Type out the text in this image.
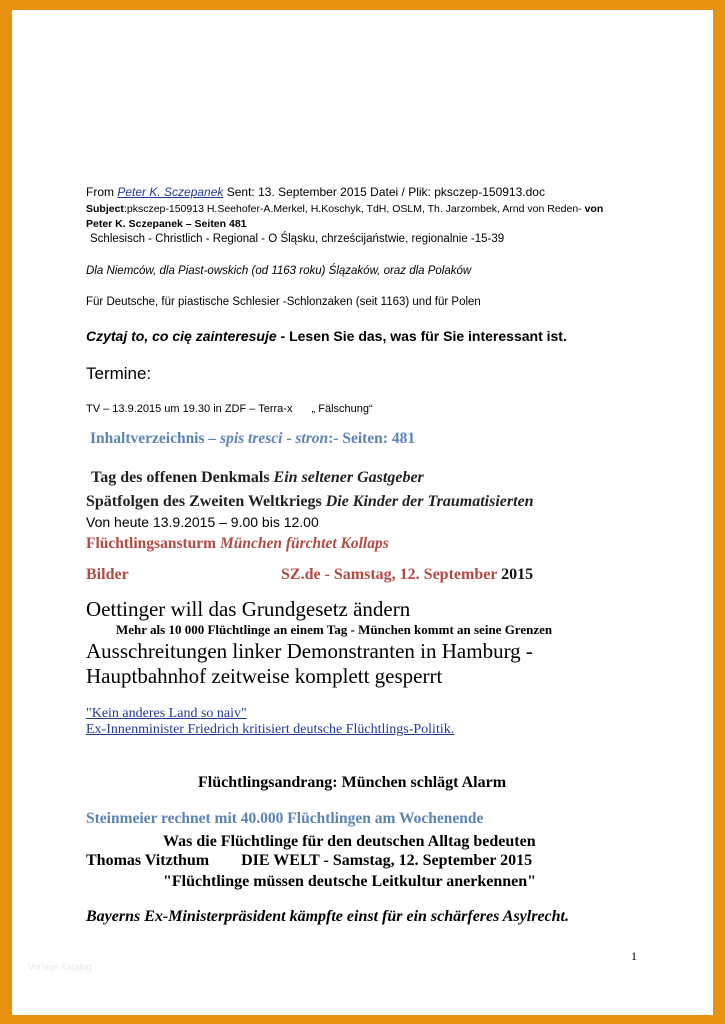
From Peter K. Sczepanek Sent: 13. September 2015 Datei / Plik: pksczep-150913.doc
Subject:pksczep-150913 H.Seehofer-A.Merkel, H.Koschyk, TdH, OSLM, Th. Jarzombek, Arnd von Reden- von
Peter K. Sczepanek – Seiten 481
Schlesisch - Christlich - Regional - O Śląsku, chrześcijaństwie, regionalnie -15-39
Dla Niemców, dla Piast-owskich (od 1163 roku) Ślązaków, oraz dla Polaków
Für Deutsche, für piastische Schlesier -Schlonzaken (seit 1163) und für Polen
Czytaj to, co cię zainteresuje - Lesen Sie das, was für Sie interessant ist.
Termine:
TV – 13.9.2015 um 19.30 in ZDF – Terra-x „ Fälschung“
Inhaltverzeichnis – spis tresci - stron:- Seiten: 481
Tag des offenen Denkmals Ein seltener Gastgeber
Spätfolgen des Zweiten Weltkriegs Die Kinder der Traumatisierten
Von heute 13.9.2015 – 9.00 bis 12.00
Flüchtlingsansturm München fürchtet Kollaps
Bilder	SZ.de - Samstag, 12. September 2015
Oettinger will das Grundgesetz ändern
Mehr als 10 000 Flüchtlinge an einem Tag - München kommt an seine Grenzen
Ausschreitungen linker Demonstranten in Hamburg -
Hauptbahnhof zeitweise komplett gesperrt
"Kein anderes Land so naiv"
Ex-Innenminister Friedrich kritisiert deutsche Flüchtlings-Politik.
Flüchtlingsandrang: München schlägt Alarm
Steinmeier rechnet mit 40.000 Flüchtlingen am Wochenende
Was die Flüchtlinge für den deutschen Alltag bedeuten
Thomas Vitzthum DIE WELT - Samstag, 12. September 2015
"Flüchtlinge müssen deutsche Leitkultur anerkennen"
Bayerns Ex-Ministerpräsident kämpfte einst für ein schärferes Asylrecht.
1
Vorlage Katalog
